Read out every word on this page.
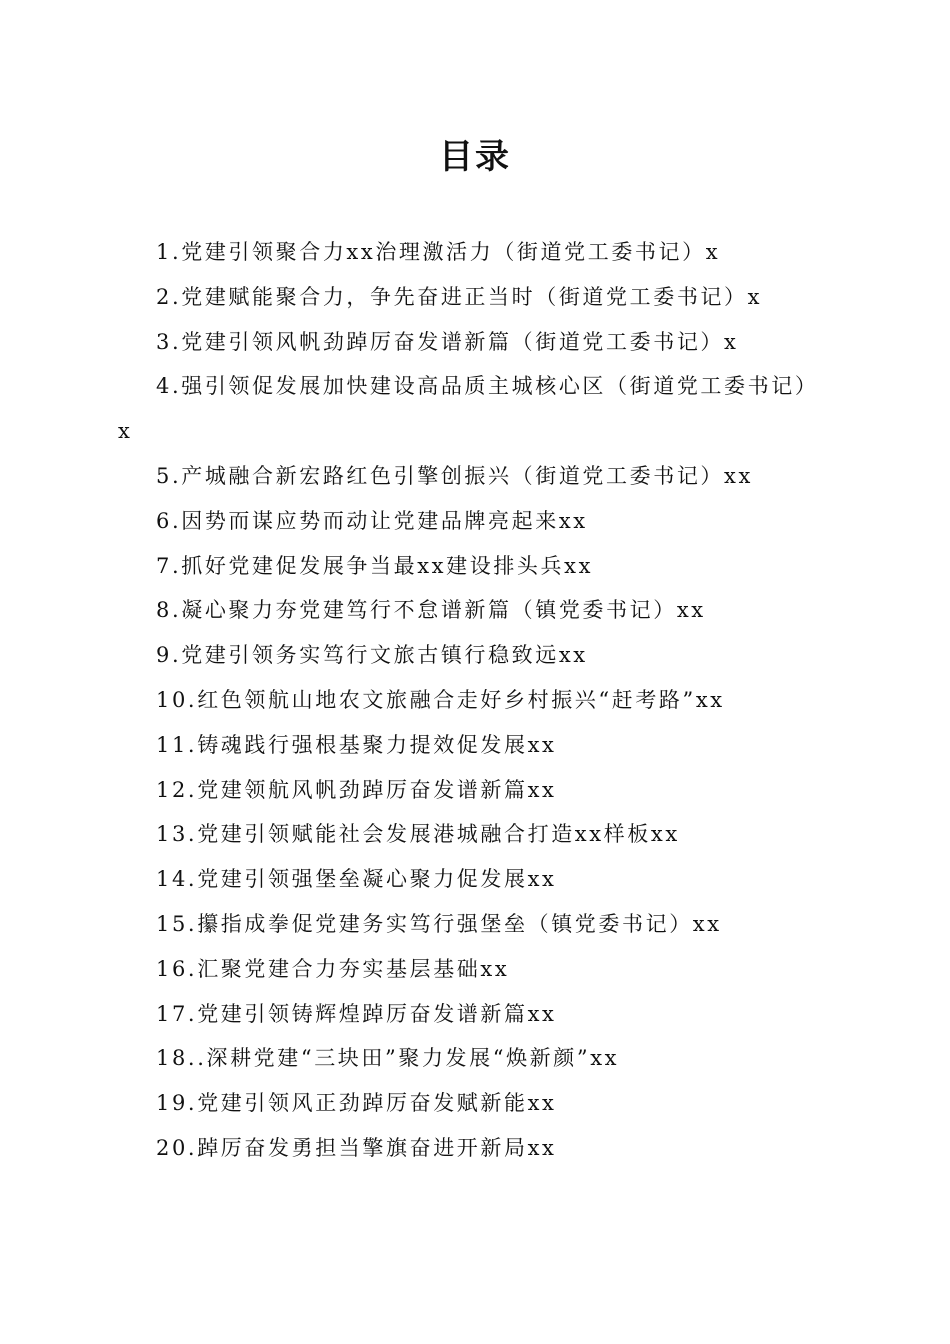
目录
1.党建引领聚合力xx治理激活力（街道党工委书记）x
2.党建赋能聚合力，争先奋进正当时（街道党工委书记）x
3.党建引领风帆劲踔厉奋发谱新篇（街道党工委书记）x
4.强引领促发展加快建设高品质主城核心区（街道党工委书记）x
5.产城融合新宏路红色引擎创振兴（街道党工委书记）xx
6.因势而谋应势而动让党建品牌亮起来xx
7.抓好党建促发展争当最xx建设排头兵xx
8.凝心聚力夯党建笃行不怠谱新篇（镇党委书记）xx
9.党建引领务实笃行文旅古镇行稳致远xx
10.红色领航山地农文旅融合走好乡村振兴“赶考路”xx
11.铸魂践行强根基聚力提效促发展xx
12.党建领航风帆劲踔厉奋发谱新篇xx
13.党建引领赋能社会发展港城融合打造xx样板xx
14.党建引领强堡垒凝心聚力促发展xx
15.攥指成拳促党建务实笃行强堡垒（镇党委书记）xx
16.汇聚党建合力夯实基层基础xx
17.党建引领铸辉煌踔厉奋发谱新篇xx
18..深耕党建“三块田”聚力发展“焕新颜”xx
19.党建引领风正劲踔厉奋发赋新能xx
20.踔厉奋发勇担当擎旗奋进开新局xx
